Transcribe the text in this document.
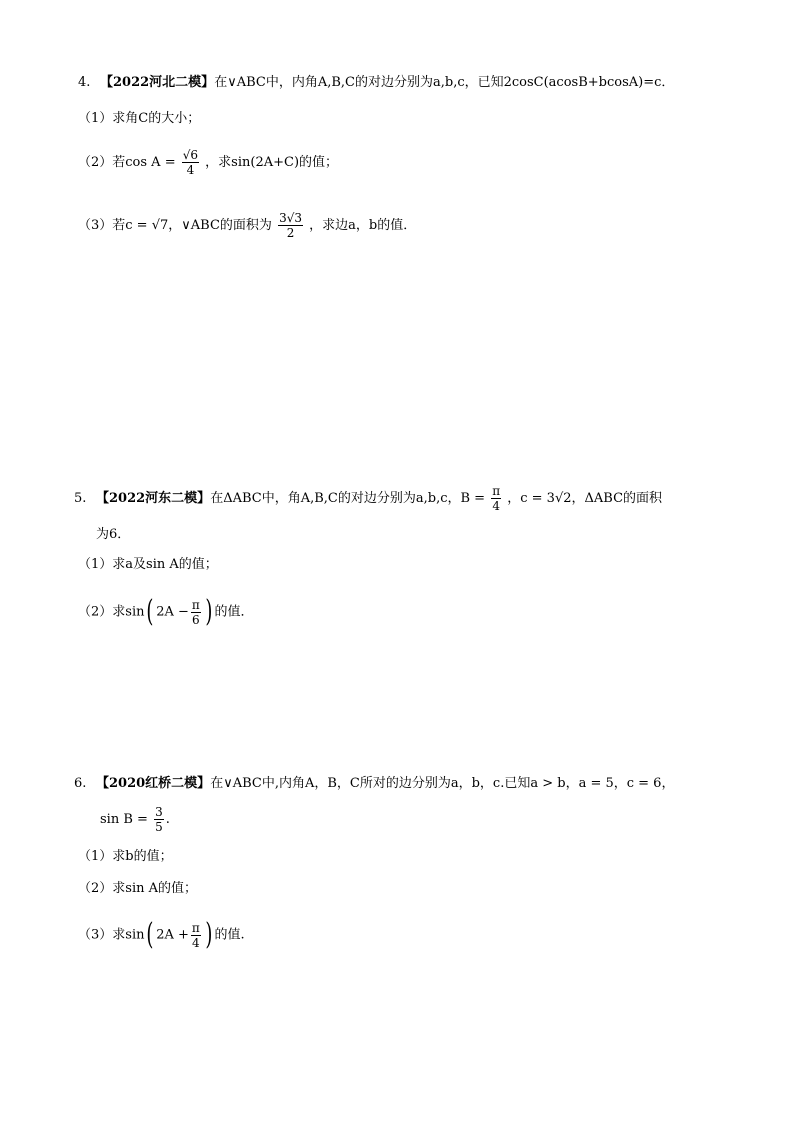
4. 【2022河北二模】在∨ABC中，内角A,B,C的对边分别为a,b,c，已知2cosC(acosB+bcosA)=c．
（1）求角C的大小；
（2）若$\cos A = \frac{√6}{4}$ ，求sin(2A+C)的值；
（3）若c = √7，∨ABC的面积为 $\frac{3√3}{2}$ ，求边a，b的值．
5. 【2022河东二模】在ΔABC中，角A,B,C的对边分别为a,b,c，$B = \frac{\pi}{4}$ ，c = 3√2，ΔABC的面积
为6．
（1）求a及sin A的值；
（2）求sin( $2A - \frac{\pi}{6}$ ) 的值．
6. 【2020红桥二模】在∨ABC中,内角A，B，C所对的边分别为a，b，c.已知a > b，a = 5，c = 6，
$\sin B = \frac{3}{5}$ .
（1）求b的值；
（2）求sin A的值；
（3）求sin( $2A + \frac{\pi}{4}$ ) 的值.
